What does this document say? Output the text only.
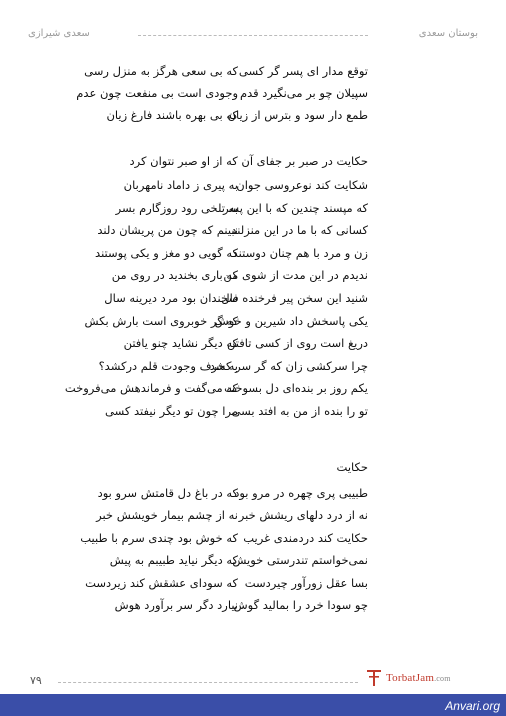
سعدی شیرازی	بوستان سعدی
توقع مدار ای پسر گر کسی
که بی سعی هرگز به منزل رسی
سپیلان چو بر می‌نگیرد قدم
وجودی است بی منفعت چون عدم
طمع دار سود و بترس از زیان
که بی بهره باشند فارغ زیان
حکایت در صبر بر جفای آن که از او صبر نتوان کرد
شکایت کند نوعروسی جوان
به پیری ز داماد نامهربان
که مپسند چندین که با این پسر
به تلخی رود روزگارم بسر
کسانی که با ما در این منزلند
نبینم که چون من پریشان دلند
زن و مرد با هم چنان دوستند
که گویی دو مغز و یکی پوستند
ندیدم در این مدت از شوی من
که باری بخندید در روی من
شنید این سخن پیر فرخنده فال
سخندان بود مرد دیرینه سال
یکی پاسخش داد شیرین و خوش
که گر خوبروی است بارش بکش
دریغ است روی از کسی تافتن
که دیگر نشاید چنو یافتن
چرا سرکشی زان که گر سر کشد
به حرف وجودت قلم درکشد؟
یکم روز بر بنده‌ای دل بسوخت
که می‌گفت و فرماندهش می‌فروخت
تو را بنده از من به افتد بسی
مرا چون تو دیگر نیفتد کسی
حکایت
طبیبی پری چهره در مرو بود
که در باغ دل قامتش سرو بود
نه از درد دلهای ریشش خبر
نه از چشم بیمار خویشش خبر
حکایت کند دردمندی غریب
که خوش بود چندی سرم با طبیب
نمی‌خواستم تندرستی خویش
که دیگر نیاید طبیبم به پیش
بسا عقل زورآور چیردست
که سودای عشقش کند زیردست
چو سودا خرد را بمالید گوش
نیارد دگر سر برآورد هوش
۷۹	TorbatJam.com
Anvari.org
